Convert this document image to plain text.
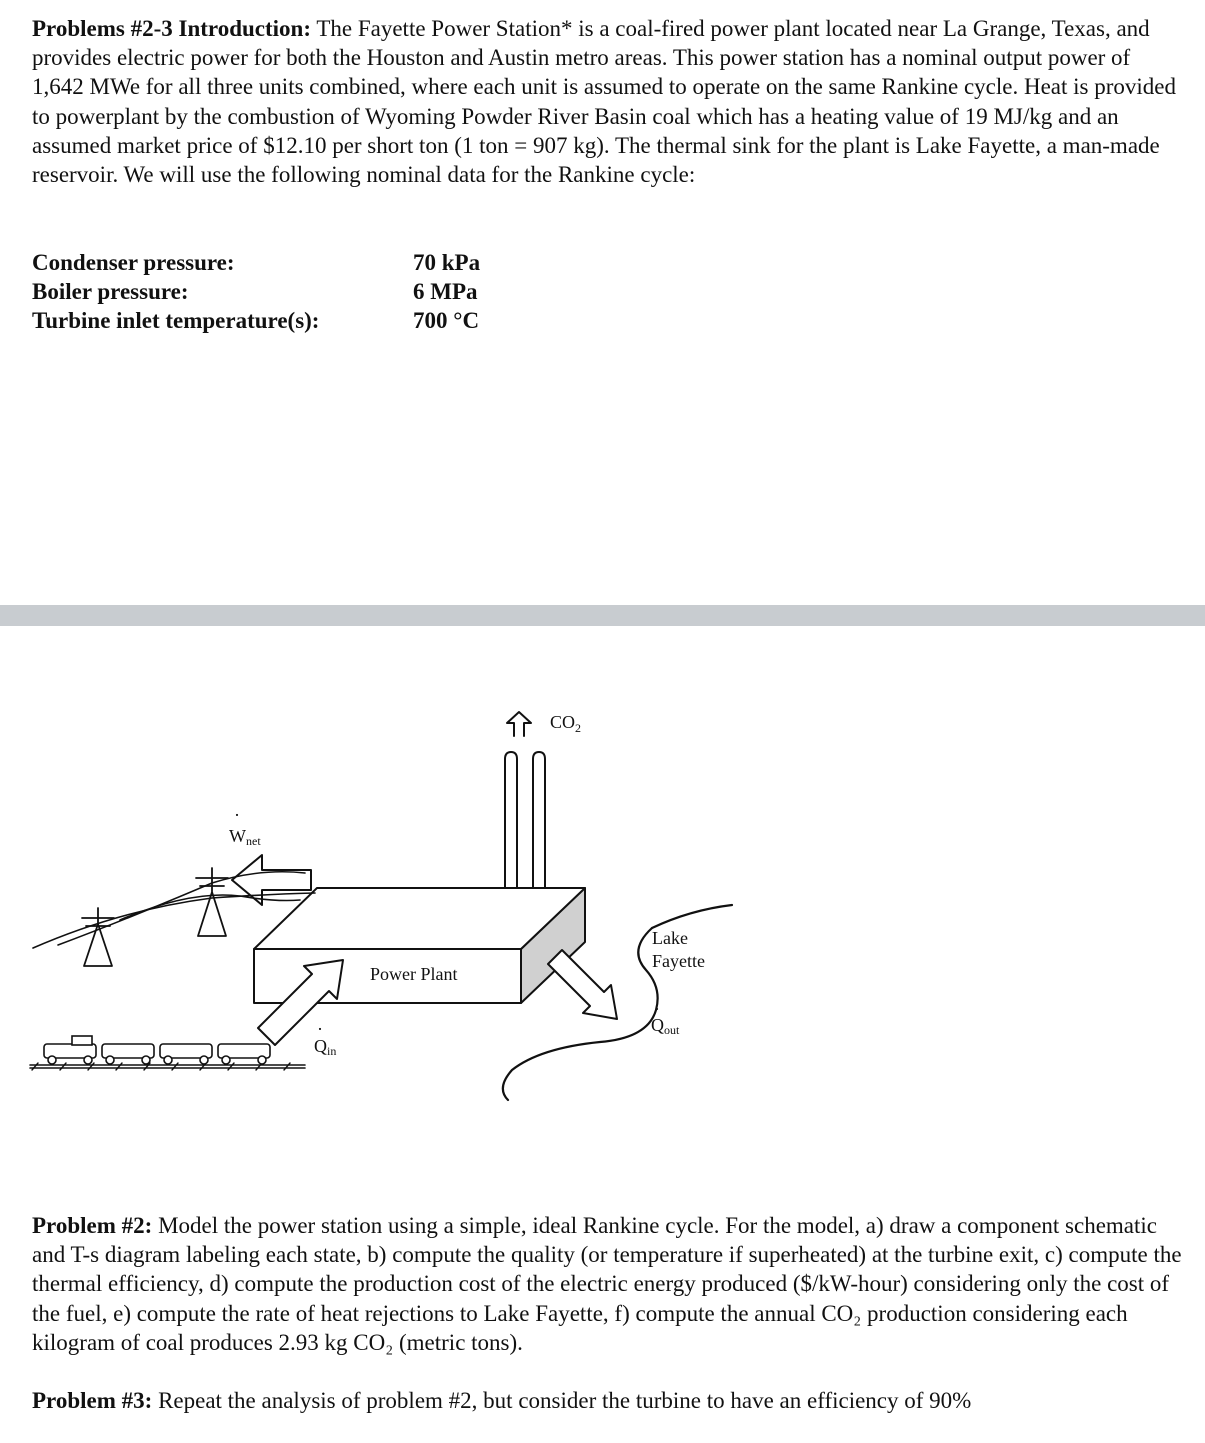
Problems #2-3 Introduction: The Fayette Power Station* is a coal-fired power plant located near La Grange, Texas, and provides electric power for both the Houston and Austin metro areas. This power station has a nominal output power of 1,642 MWe for all three units combined, where each unit is assumed to operate on the same Rankine cycle. Heat is provided to powerplant by the combustion of Wyoming Powder River Basin coal which has a heating value of 19 MJ/kg and an assumed market price of $12.10 per short ton (1 ton = 907 kg). The thermal sink for the plant is Lake Fayette, a man-made reservoir. We will use the following nominal data for the Rankine cycle:

Condenser pressure:	70 kPa
Boiler pressure:	6 MPa
Turbine inlet temperature(s):	700 °C
$CO_2$
.
Wnet
Power Plant
.
Qin
Lake
Fayette
.
Qout

Problem #2: Model the power station using a simple, ideal Rankine cycle. For the model, a) draw a component schematic and T-s diagram labeling each state, b) compute the quality (or temperature if superheated) at the turbine exit, c) compute the thermal efficiency, d) compute the production cost of the electric energy produced ($/kW-hour) considering only the cost of the fuel, e) compute the rate of heat rejections to Lake Fayette, f) compute the annual CO₂ production considering each kilogram of coal produces 2.93 kg CO₂ (metric tons).

Problem #3: Repeat the analysis of problem #2, but consider the turbine to have an efficiency of 90%
